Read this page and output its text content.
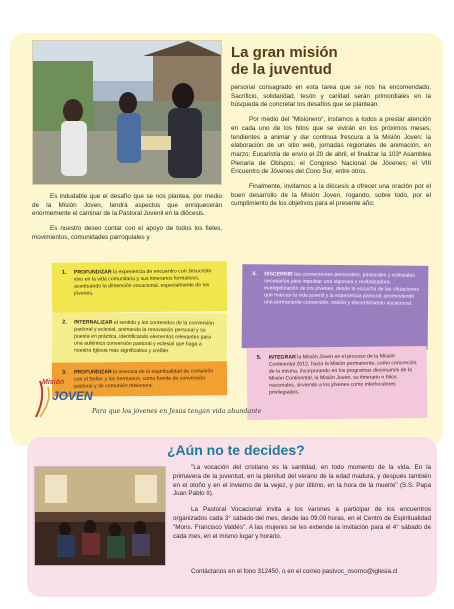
La gran misión
de la juventud

Es indudable que el desafío que se nos plantea, por medio de la Misión Joven, tendrá aspectos que enriquecerán enormemente el caminar de la Pastoral Juvenil en la diócesis.

Es nuestro deseo contar con el apoyo de todos los fieles, movimientos, comunidades parroquiales y

personal consagrado en esta tarea que se nos ha encomendado. Sacrificio, solidaridad, tesón y caridad serán primordiales en la búsqueda de concretar los desafíos que se plantean.

Por medio del "Misionero", instamos a todos a prestar atención en cada uno de los hitos que se vivirán en los próximos meses, tendientes a animar y dar continua frescura a la Misión Joven: la elaboración de un sitio web, jornadas regionales de animación, en marzo; Eucaristía de envío el 20 de abril, el finalizar la 103ª Asamblea Plenaria de Obispos; el Congreso Nacional de Jóvenes; el VIII Encuentro de Jóvenes del Cono Sur, entre otros.

Finalmente, invitamos a la diócesis a ofrecer una oración por el buen desarrollo de la Misión Joven, rogando, sobre todo, por el cumplimiento de los objetivos para el presente año:

1. PROFUNDIZAR la experiencia de encuentro con Jesucristo vivo en la vida comunitaria y sus itinerarios formativos, acentuando la dimensión vocacional, especialmente de los jóvenes.
2. INTERNALIZAR el sentido y los contenidos de la conversión pastoral y eclesial, animando la renovación personal y su puesta en práctica, identificando elementos relevantes para una auténtica conversión pastoral y eclesial que haga a nuestra Iglesia más significativa y creíble.
3. PROFUNDIZAR la vivencia de la espiritualidad de comunión con el Señor y los hermanos, como fuente de conversión pastoral y de comunión misionera.
4. DISCERNIR las conversiones personales, pastorales y eclesiales necesarias para impulsar una vigorosa y revitalizadora evangelización de los jóvenes, desde la escucha de las situaciones que marcan la vida juvenil y la experiencia pastoral, promoviendo una permanente conversión, misión y discernimiento vocacional.
5. INTEGRAR la Misión Joven en el proceso de la Misión Continental 2012, hacia la Misión permanente, como concreción de la misma, incorporando en los programas diocesanos de la Misión Continental, la Misión Joven, su itinerario e hitos nacionales, sirviendo a los jóvenes como interlocutores privilegiados.
Misión
JOVEN
Para que los jóvenes en Jesús tengan vida abundante
¿Aún no te decides?

"La vocación del cristiano es la santidad, en todo momento de la vida. En la primavera de la juventud, en la plenitud del verano de la edad madura, y después también en el otoño y en el invierno de la vejez, y por último, en la hora de la muerte" (S.S. Papa Juan Pablo II).

La Pastoral Vocacional invita a los varones a participar de los encuentros organizados cada 3° sábado del mes, desde las 09.00 horas, en el Centro de Espiritualidad "Mons. Francisco Valdés". A las mujeres se les extiende la invitación para el 4° sábado de cada mes, en el mismo lugar y horario.

Contáctanos en el fono 312450, o en el correo pastvoc_osorno@iglesia.cl
